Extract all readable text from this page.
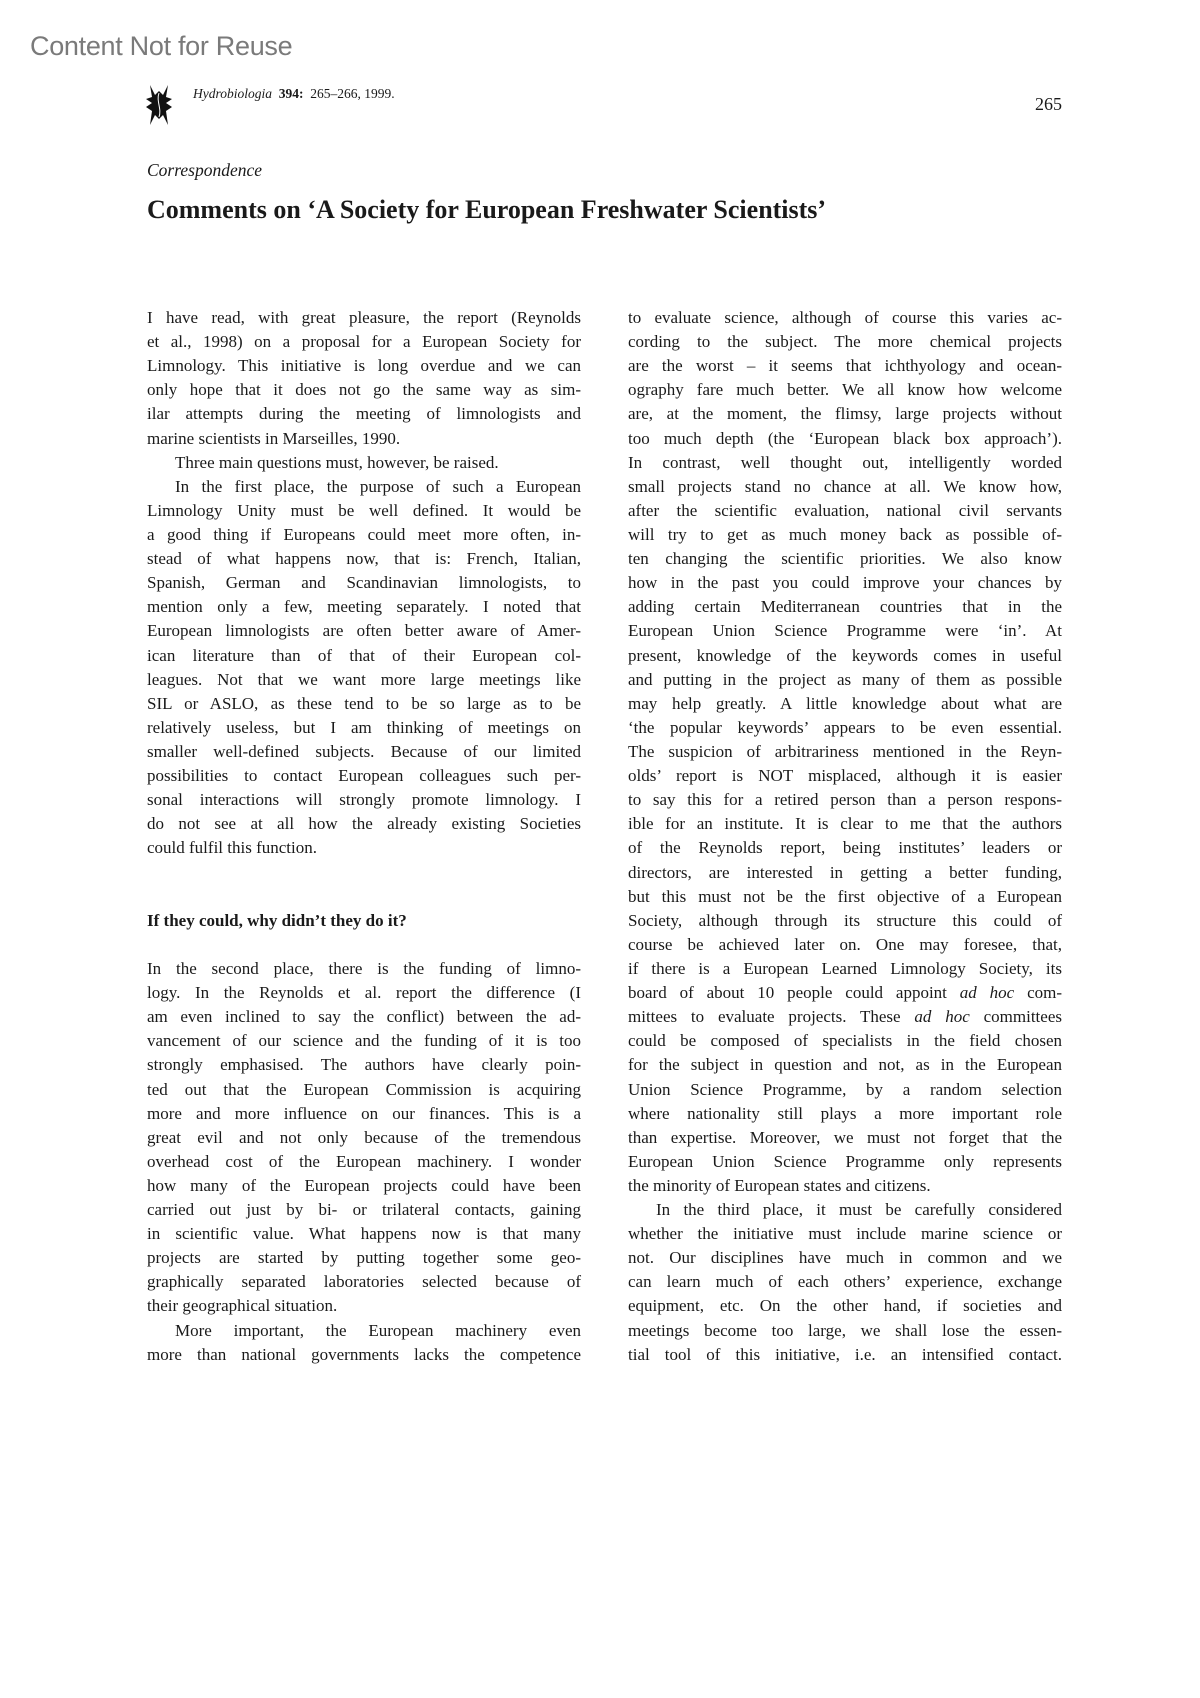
Content Not for Reuse
Hydrobiologia 394: 265–266, 1999.
265
Correspondence
Comments on ‘A Society for European Freshwater Scientists’
I have read, with great pleasure, the report (Reynolds
et al., 1998) on a proposal for a European Society for
Limnology. This initiative is long overdue and we can
only hope that it does not go the same way as sim-
ilar attempts during the meeting of limnologists and
marine scientists in Marseilles, 1990.
Three main questions must, however, be raised.
In the first place, the purpose of such a European
Limnology Unity must be well defined. It would be
a good thing if Europeans could meet more often, in-
stead of what happens now, that is: French, Italian,
Spanish, German and Scandinavian limnologists, to
mention only a few, meeting separately. I noted that
European limnologists are often better aware of Amer-
ican literature than of that of their European col-
leagues. Not that we want more large meetings like
SIL or ASLO, as these tend to be so large as to be
relatively useless, but I am thinking of meetings on
smaller well-defined subjects. Because of our limited
possibilities to contact European colleagues such per-
sonal interactions will strongly promote limnology. I
do not see at all how the already existing Societies
could fulfil this function.

If they could, why didn’t they do it?

In the second place, there is the funding of limno-
logy. In the Reynolds et al. report the difference (I
am even inclined to say the conflict) between the ad-
vancement of our science and the funding of it is too
strongly emphasised. The authors have clearly poin-
ted out that the European Commission is acquiring
more and more influence on our finances. This is a
great evil and not only because of the tremendous
overhead cost of the European machinery. I wonder
how many of the European projects could have been
carried out just by bi- or trilateral contacts, gaining
in scientific value. What happens now is that many
projects are started by putting together some geo-
graphically separated laboratories selected because of
their geographical situation.
More important, the European machinery even
more than national governments lacks the competence
to evaluate science, although of course this varies ac-
cording to the subject. The more chemical projects
are the worst – it seems that ichthyology and ocean-
ography fare much better. We all know how welcome
are, at the moment, the flimsy, large projects without
too much depth (the ‘European black box approach’).
In contrast, well thought out, intelligently worded
small projects stand no chance at all. We know how,
after the scientific evaluation, national civil servants
will try to get as much money back as possible of-
ten changing the scientific priorities. We also know
how in the past you could improve your chances by
adding certain Mediterranean countries that in the
European Union Science Programme were ‘in’. At
present, knowledge of the keywords comes in useful
and putting in the project as many of them as possible
may help greatly. A little knowledge about what are
‘the popular keywords’ appears to be even essential.
The suspicion of arbitrariness mentioned in the Reyn-
olds’ report is NOT misplaced, although it is easier
to say this for a retired person than a person respons-
ible for an institute. It is clear to me that the authors
of the Reynolds report, being institutes’ leaders or
directors, are interested in getting a better funding,
but this must not be the first objective of a European
Society, although through its structure this could of
course be achieved later on. One may foresee, that,
if there is a European Learned Limnology Society, its
board of about 10 people could appoint ad hoc com-
mittees to evaluate projects. These ad hoc committees
could be composed of specialists in the field chosen
for the subject in question and not, as in the European
Union Science Programme, by a random selection
where nationality still plays a more important role
than expertise. Moreover, we must not forget that the
European Union Science Programme only represents
the minority of European states and citizens.
In the third place, it must be carefully considered
whether the initiative must include marine science or
not. Our disciplines have much in common and we
can learn much of each others’ experience, exchange
equipment, etc. On the other hand, if societies and
meetings become too large, we shall lose the essen-
tial tool of this initiative, i.e. an intensified contact.
